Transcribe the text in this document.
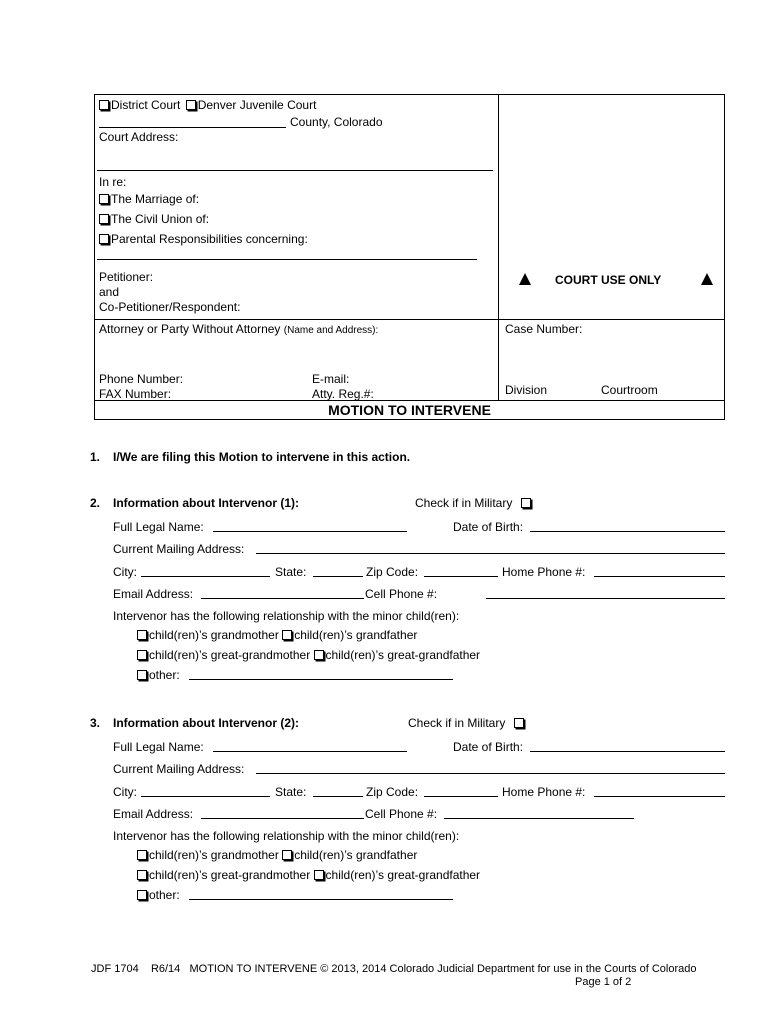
District Court Denver Juvenile Court
County, Colorado
Court Address:
In re:
The Marriage of:
The Civil Union of:
Parental Responsibilities concerning:
Petitioner:
and
Co-Petitioner/Respondent:
COURT USE ONLY
Attorney or Party Without Attorney (Name and Address):	Case Number:
Phone Number:
FAX Number:
E-mail:
Atty. Reg.#:	Division	Courtroom
MOTION TO INTERVENE
1. I/We are filing this Motion to intervene in this action.
2. Information about Intervenor (1):	Check if in Military
Full Legal Name:	Date of Birth:
Current Mailing Address:
City:	State:	Zip Code:	Home Phone #:
Email Address:	Cell Phone #:
Intervenor has the following relationship with the minor child(ren):
child(ren)’s grandmother child(ren)’s grandfather
child(ren)’s great-grandmother child(ren)’s great-grandfather
other:
3. Information about Intervenor (2):	Check if in Military
Full Legal Name:	Date of Birth:
Current Mailing Address:
City:	State:	Zip Code:	Home Phone #:
Email Address:	Cell Phone #:
Intervenor has the following relationship with the minor child(ren):
child(ren)’s grandmother child(ren)’s grandfather
child(ren)’s great-grandmother child(ren)’s great-grandfather
other:
JDF 1704 R6/14 MOTION TO INTERVENE © 2013, 2014 Colorado Judicial Department for use in the Courts of Colorado
Page 1 of 2
